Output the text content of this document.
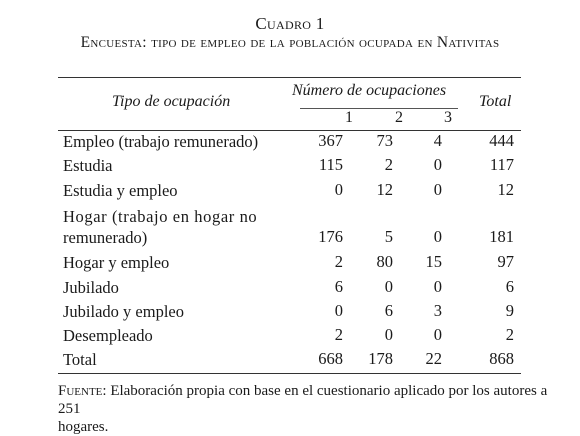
Cuadro 1
Encuesta: tipo de empleo de la población ocupada en Nativitas
Tipo de ocupación
Número de ocupaciones
Total
1	2	3
Empleo (trabajo remunerado)	367	73	4	444
Estudia	115	2	0	117
Estudia y empleo	0	12	0	12
Hogar (trabajo en hogar no
remunerado)	176	5	0	181
Hogar y empleo	2	80	15	97
Jubilado	6	0	0	6
Jubilado y empleo	0	6	3	9
Desempleado	2	0	0	2
Total	668	178	22	868
Fuente: Elaboración propia con base en el cuestionario aplicado por los autores a 251
hogares.
